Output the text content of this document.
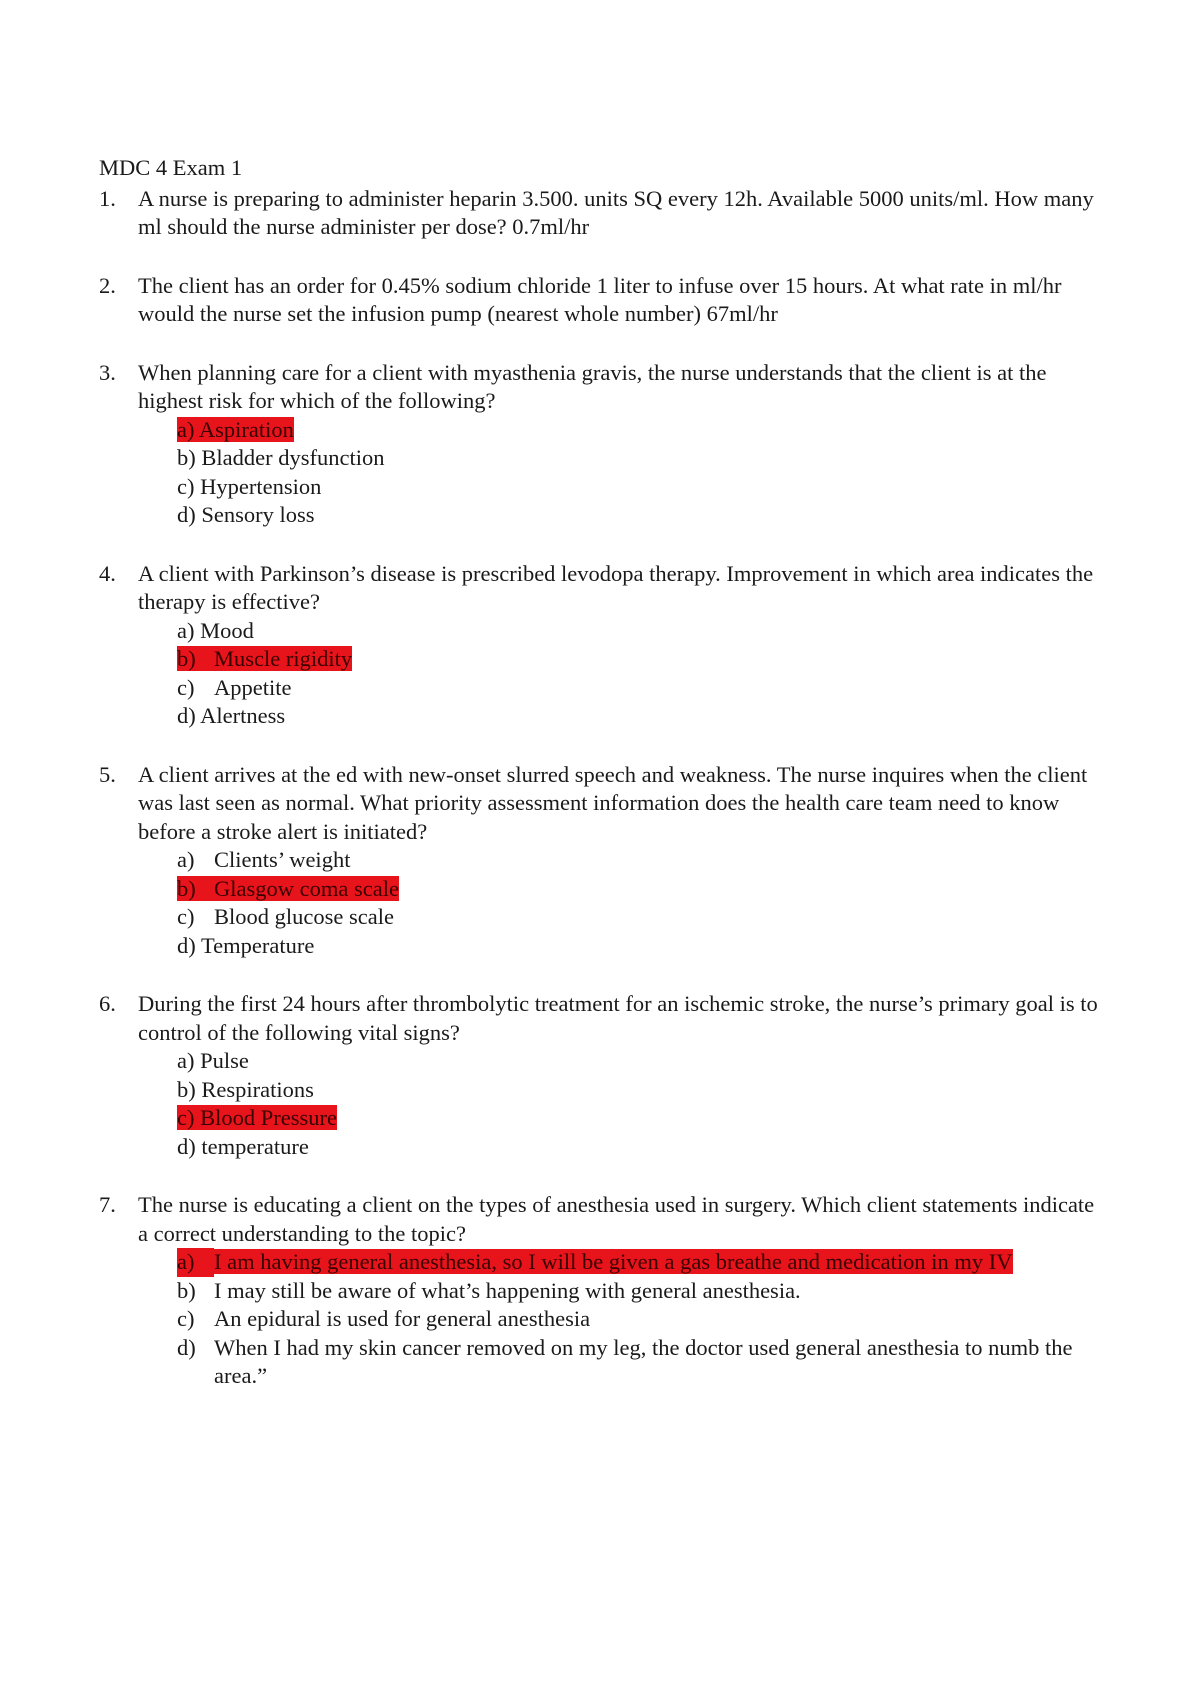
MDC 4 Exam 1
1. A nurse is preparing to administer heparin 3.500. units SQ every 12h. Available 5000 units/ml. How many ml should the nurse administer per dose? 0.7ml/hr
2. The client has an order for 0.45% sodium chloride 1 liter to infuse over 15 hours. At what rate in ml/hr would the nurse set the infusion pump (nearest whole number) 67ml/hr
3. When planning care for a client with myasthenia gravis, the nurse understands that the client is at the highest risk for which of the following?
a) Aspiration
b) Bladder dysfunction
c) Hypertension
d) Sensory loss
4. A client with Parkinson’s disease is prescribed levodopa therapy. Improvement in which area indicates the therapy is effective?
a) Mood
b) Muscle rigidity
c) Appetite
d) Alertness
5. A client arrives at the ed with new-onset slurred speech and weakness. The nurse inquires when the client was last seen as normal. What priority assessment information does the health care team need to know before a stroke alert is initiated?
a) Clients’ weight
b) Glasgow coma scale
c) Blood glucose scale
d) Temperature
6. During the first 24 hours after thrombolytic treatment for an ischemic stroke, the nurse’s primary goal is to control of the following vital signs?
a) Pulse
b) Respirations
c) Blood Pressure
d) temperature
7. The nurse is educating a client on the types of anesthesia used in surgery. Which client statements indicate a correct understanding to the topic?
a) I am having general anesthesia, so I will be given a gas breathe and medication in my IV
b) I may still be aware of what’s happening with general anesthesia.
c) An epidural is used for general anesthesia
d) When I had my skin cancer removed on my leg, the doctor used general anesthesia to numb the area.”
